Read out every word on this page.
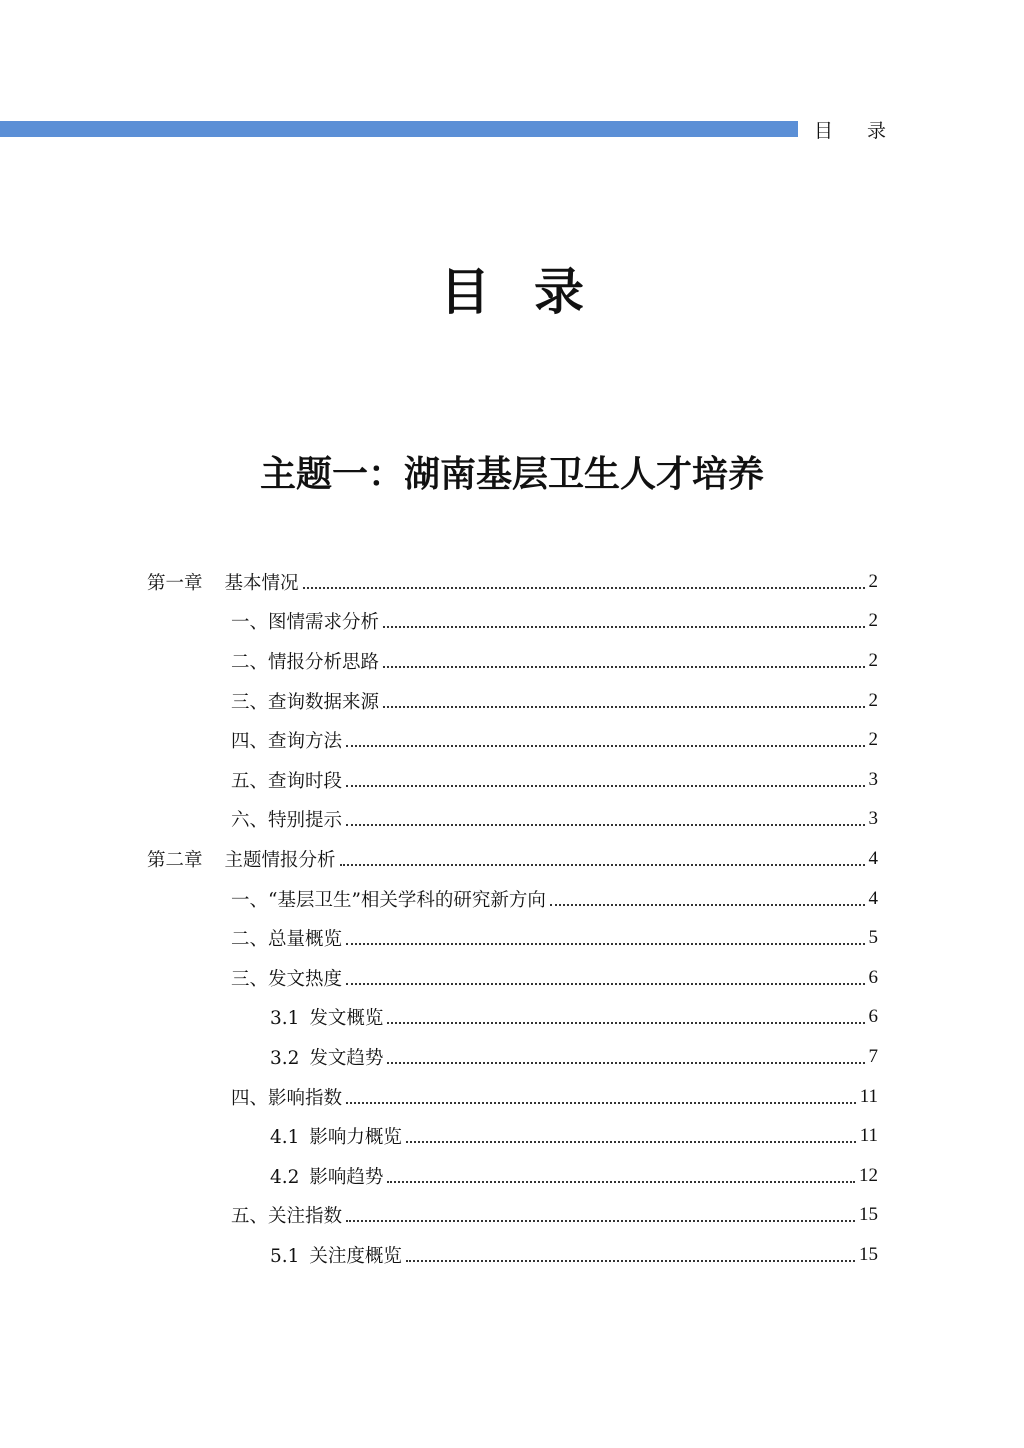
目 录
目录
主题一：湖南基层卫生人才培养
第一章 基本情况	2
一、图情需求分析	2
二、情报分析思路	2
三、查询数据来源	2
四、查询方法	2
五、查询时段	3
六、特别提示	3
第二章 主题情报分析	4
一、“基层卫生”相关学科的研究新方向	4
二、总量概览	5
三、发文热度	6
3.1 发文概览	6
3.2 发文趋势	7
四、影响指数	11
4.1 影响力概览	11
4.2 影响趋势	12
五、关注指数	15
5.1 关注度概览	15
